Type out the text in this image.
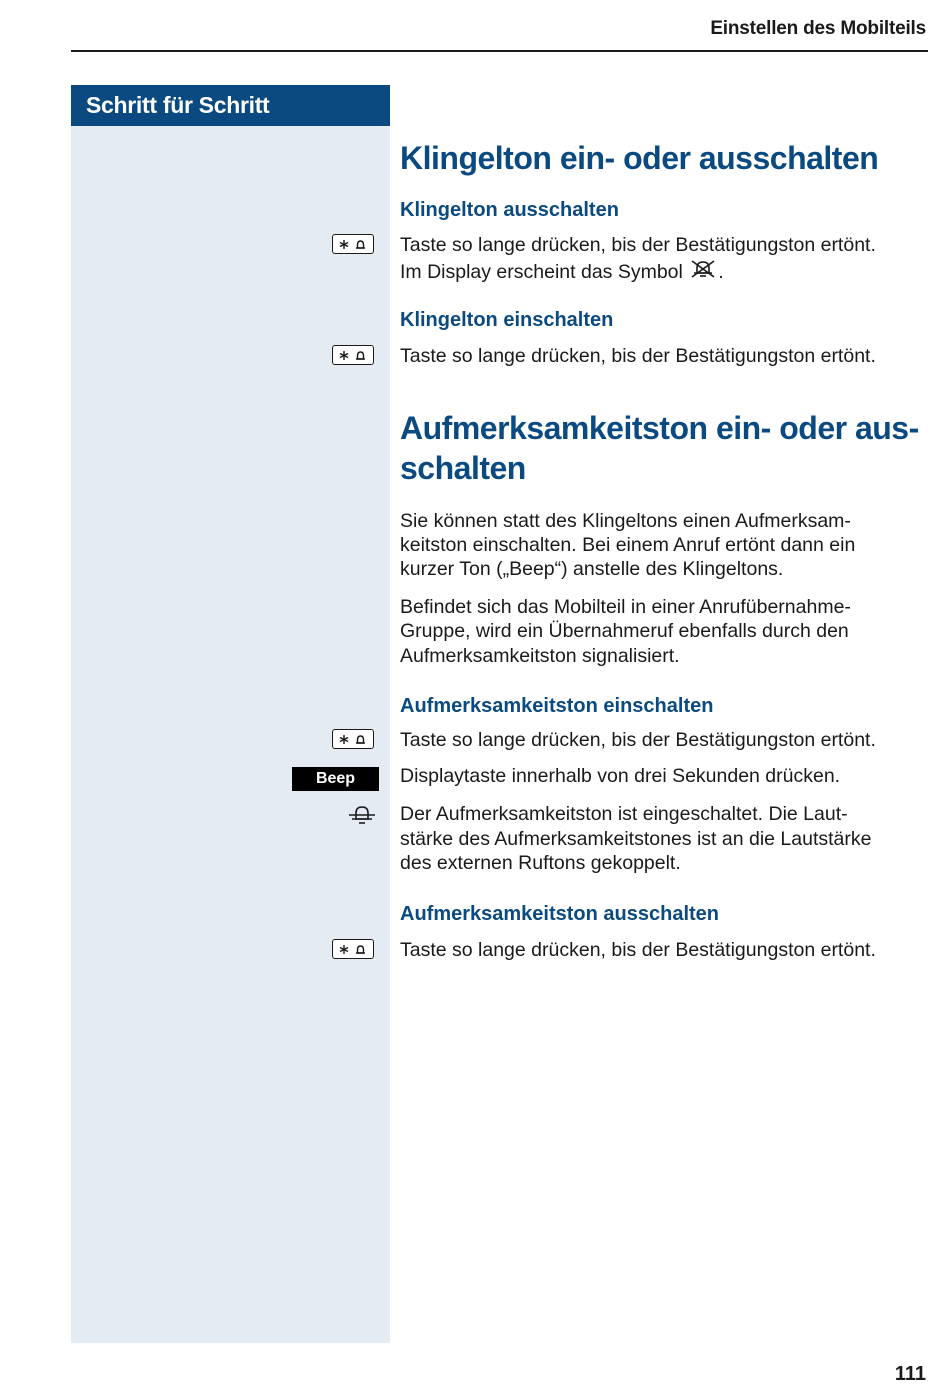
Einstellen des Mobilteils
Schritt für Schritt
Klingelton ein- oder ausschalten
Klingelton ausschalten
Taste so lange drücken, bis der Bestätigungston ertönt.
Im Display erscheint das Symbol .
Klingelton einschalten
Taste so lange drücken, bis der Bestätigungston ertönt.
Aufmerksamkeitston ein- oder aus-
schalten
Sie können statt des Klingeltons einen Aufmerksam-
keitston einschalten. Bei einem Anruf ertönt dann ein
kurzer Ton („Beep“) anstelle des Klingeltons.
Befindet sich das Mobilteil in einer Anrufübernahme-
Gruppe, wird ein Übernahmeruf ebenfalls durch den
Aufmerksamkeitston signalisiert.
Aufmerksamkeitston einschalten
Taste so lange drücken, bis der Bestätigungston ertönt.
Beep	Displaytaste innerhalb von drei Sekunden drücken.
Der Aufmerksamkeitston ist eingeschaltet. Die Laut-
stärke des Aufmerksamkeitstones ist an die Lautstärke
des externen Ruftons gekoppelt.
Aufmerksamkeitston ausschalten
Taste so lange drücken, bis der Bestätigungston ertönt.
111
